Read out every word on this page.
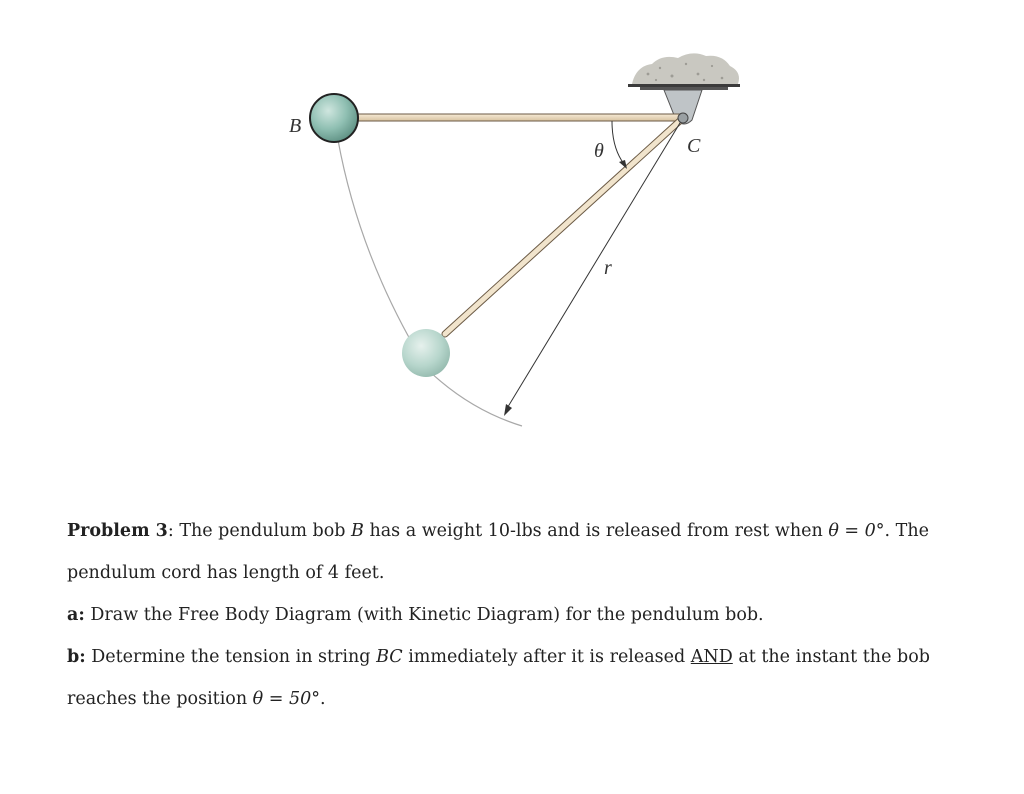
B
C
θ
r
Problem 3: The pendulum bob B has a weight 10-lbs and is released from rest when θ = 0°. The
pendulum cord has length of 4 feet.
a: Draw the Free Body Diagram (with Kinetic Diagram) for the pendulum bob.
b: Determine the tension in string BC immediately after it is released AND at the instant the bob
reaches the position θ = 50°.
